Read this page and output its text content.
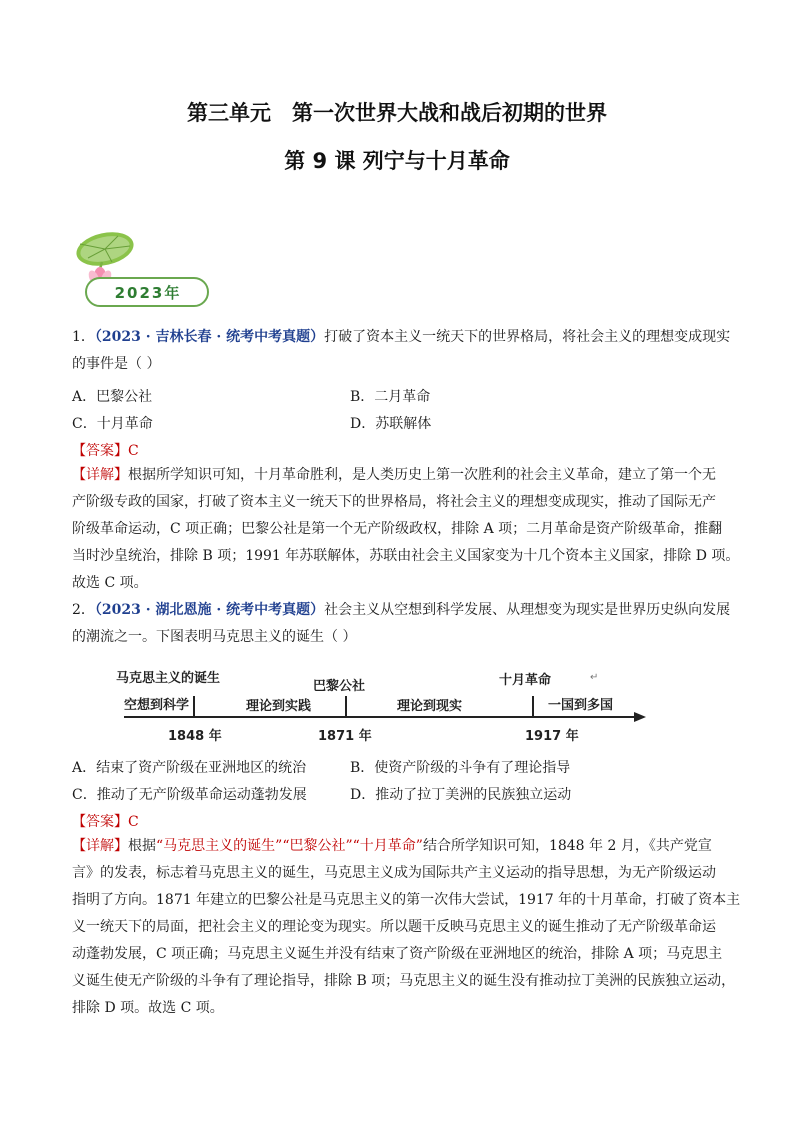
第三单元　第一次世界大战和战后初期的世界
第 9 课 列宁与十月革命
2023年
1．（2023 · 吉林长春 · 统考中考真题）打破了资本主义一统天下的世界格局，将社会主义的理想变成现实
的事件是（ ）
A．巴黎公社	B．二月革命
C．十月革命	D．苏联解体
【答案】C
【详解】根据所学知识可知，十月革命胜利，是人类历史上第一次胜利的社会主义革命，建立了第一个无
产阶级专政的国家，打破了资本主义一统天下的世界格局，将社会主义的理想变成现实，推动了国际无产
阶级革命运动，C 项正确；巴黎公社是第一个无产阶级政权，排除 A 项；二月革命是资产阶级革命，推翻
当时沙皇统治，排除 B 项；1991 年苏联解体，苏联由社会主义国家变为十几个资本主义国家，排除 D 项。
故选 C 项。
2．（2023 · 湖北恩施 · 统考中考真题）社会主义从空想到科学发展、从理想变为现实是世界历史纵向发展
的潮流之一。下图表明马克思主义的诞生（ ）
马克思主义的诞生
空想到科学	理论到实践
巴黎公社
理论到现实
十月革命	↵
一国到多国
1848 年	1871 年	1917 年
A．结束了资产阶级在亚洲地区的统治	B．使资产阶级的斗争有了理论指导
C．推动了无产阶级革命运动蓬勃发展	D．推动了拉丁美洲的民族独立运动
【答案】C
【详解】根据“马克思主义的诞生”“巴黎公社”“十月革命”结合所学知识可知，1848 年 2 月，《共产党宣
言》的发表，标志着马克思主义的诞生，马克思主义成为国际共产主义运动的指导思想，为无产阶级运动
指明了方向。1871 年建立的巴黎公社是马克思主义的第一次伟大尝试，1917 年的十月革命，打破了资本主
义一统天下的局面，把社会主义的理论变为现实。所以题干反映马克思主义的诞生推动了无产阶级革命运
动蓬勃发展，C 项正确；马克思主义诞生并没有结束了资产阶级在亚洲地区的统治，排除 A 项；马克思主
义诞生使无产阶级的斗争有了理论指导，排除 B 项；马克思主义的诞生没有推动拉丁美洲的民族独立运动，
排除 D 项。故选 C 项。
